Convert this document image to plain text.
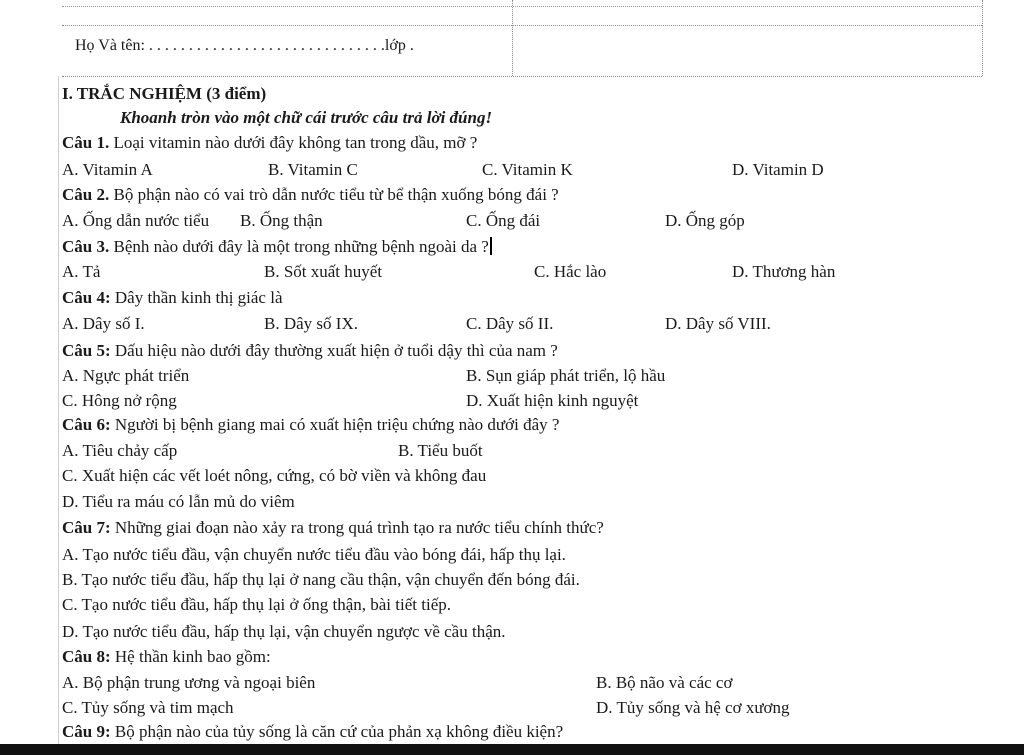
Họ Và tên: . . . . . . . . . . . . . . . . . . . . . . . . . . . . . .lớp .
I. TRẮC NGHIỆM (3 điểm)
Khoanh tròn vào một chữ cái trước câu trả lời đúng!
Câu 1. Loại vitamin nào dưới đây không tan trong dầu, mỡ ?
A. Vitamin A	B. Vitamin C	C. Vitamin K	D. Vitamin D
Câu 2. Bộ phận nào có vai trò dẫn nước tiểu từ bể thận xuống bóng đái ?
A. Ống dẫn nước tiểu B. Ống thận	C. Ống đái	D. Ống góp
Câu 3. Bệnh nào dưới đây là một trong những bệnh ngoài da ?
A. Tả	B. Sốt xuất huyết	C. Hắc lào	D. Thương hàn
Câu 4: Dây thần kinh thị giác là
A. Dây số I.	B. Dây số IX.	C. Dây số II.	D. Dây số VIII.
Câu 5: Dấu hiệu nào dưới đây thường xuất hiện ở tuổi dậy thì của nam ?
A. Ngực phát triển	B. Sụn giáp phát triển, lộ hầu
C. Hông nở rộng	D. Xuất hiện kinh nguyệt
Câu 6: Người bị bệnh giang mai có xuất hiện triệu chứng nào dưới đây ?
A. Tiêu chảy cấp	B. Tiểu buốt
C. Xuất hiện các vết loét nông, cứng, có bờ viền và không đau
D. Tiểu ra máu có lẫn mủ do viêm
Câu 7: Những giai đoạn nào xảy ra trong quá trình tạo ra nước tiểu chính thức?
A. Tạo nước tiểu đầu, vận chuyển nước tiểu đầu vào bóng đái, hấp thụ lại.
B. Tạo nước tiểu đầu, hấp thụ lại ở nang cầu thận, vận chuyển đến bóng đái.
C. Tạo nước tiểu đầu, hấp thụ lại ở ống thận, bài tiết tiếp.
D. Tạo nước tiểu đầu, hấp thụ lại, vận chuyển ngược về cầu thận.
Câu 8: Hệ thần kinh bao gồm:
A. Bộ phận trung ương và ngoại biên	B. Bộ não và các cơ
C. Tủy sống và tim mạch	D. Tủy sống và hệ cơ xương
Câu 9: Bộ phận nào của tủy sống là căn cứ của phản xạ không điều kiện?
